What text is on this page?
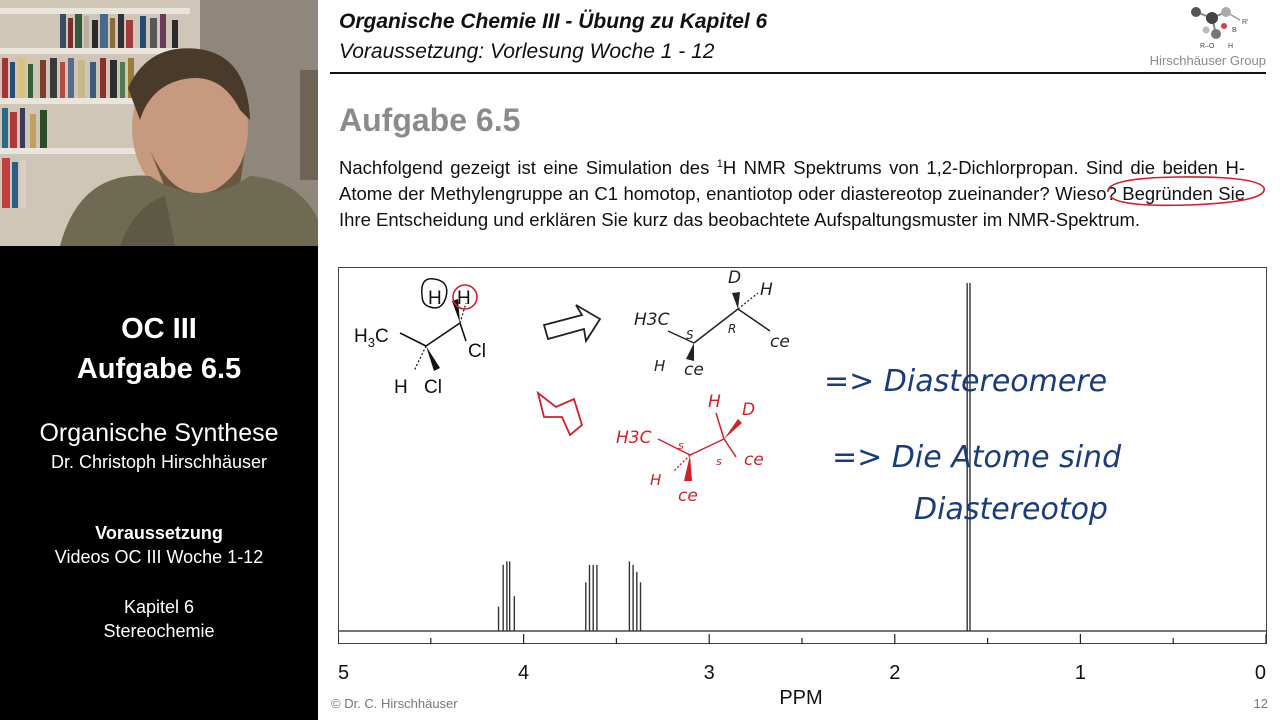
OC III
Aufgabe 6.5
Organische Synthese
Dr. Christoph Hirschhäuser
Voraussetzung
Videos OC III Woche 1-12
Kapitel 6
Stereochemie
Organische Chemie III - Übung zu Kapitel 6
Voraussetzung: Vorlesung Woche 1 - 12
B
R'
R–O H
Hirschhäuser Group
Aufgabe 6.5
Nachfolgend gezeigt ist eine Simulation des $^1$H NMR Spektrums von 1,2-Dichlorpropan. Sind die beiden H-Atome der Methylengruppe an C1 homotop, enantiotop oder diastereotop zueinander? Wieso? Begründen Sie Ihre Entscheidung und erklären Sie kurz das beobachtete Aufspaltungsmuster im NMR-Spektrum.
5	4	3	2	1	0
PPM
$H_3C$
Cl
H Cl
H H
H3C
D
H
S	R
ce
H ce
H3C
H D
s
s ce
H
ce
=> Diastereomere
=> Die Atome sind
Diastereotop
© Dr. C. Hirschhäuser	12
